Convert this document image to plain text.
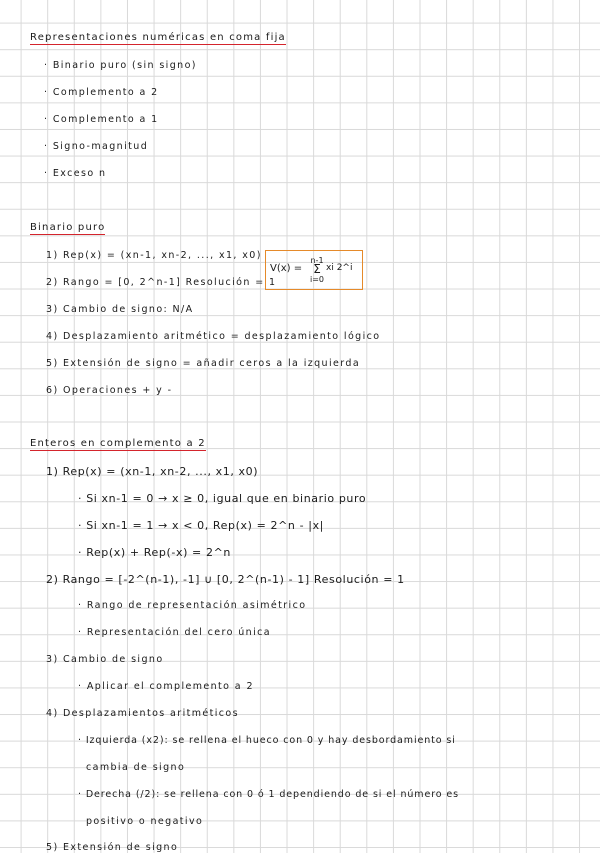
Representaciones numéricas en coma fija
· Binario puro (sin signo)
· Complemento a 2
· Complemento a 1
· Signo-magnitud
· Exceso n
Binario puro
1) Rep(x) = (xn-1, xn-2, ..., x1, x0)
2) Rango = [0, 2^n-1] Resolución = 1
3) Cambio de signo: N/A
4) Desplazamiento aritmético = desplazamiento lógico
5) Extensión de signo = añadir ceros a la izquierda
6) Operaciones + y -
V(x) =
n-1
Σ
i=0
xi 2^i
Enteros en complemento a 2
1) Rep(x) = (xn-1, xn-2, ..., x1, x0)
· Si xn-1 = 0 → x ≥ 0, igual que en binario puro
· Si xn-1 = 1 → x < 0, Rep(x) = 2^n - |x|
· Rep(x) + Rep(-x) = 2^n
2) Rango = [-2^(n-1), -1] ∪ [0, 2^(n-1) - 1] Resolución = 1
· Rango de representación asimétrico
· Representación del cero única
3) Cambio de signo
· Aplicar el complemento a 2
4) Desplazamientos aritméticos
· Izquierda (x2): se rellena el hueco con 0 y hay desbordamiento si
cambia de signo
· Derecha (/2): se rellena con 0 ó 1 dependiendo de si el número es
positivo o negativo
5) Extensión de signo
